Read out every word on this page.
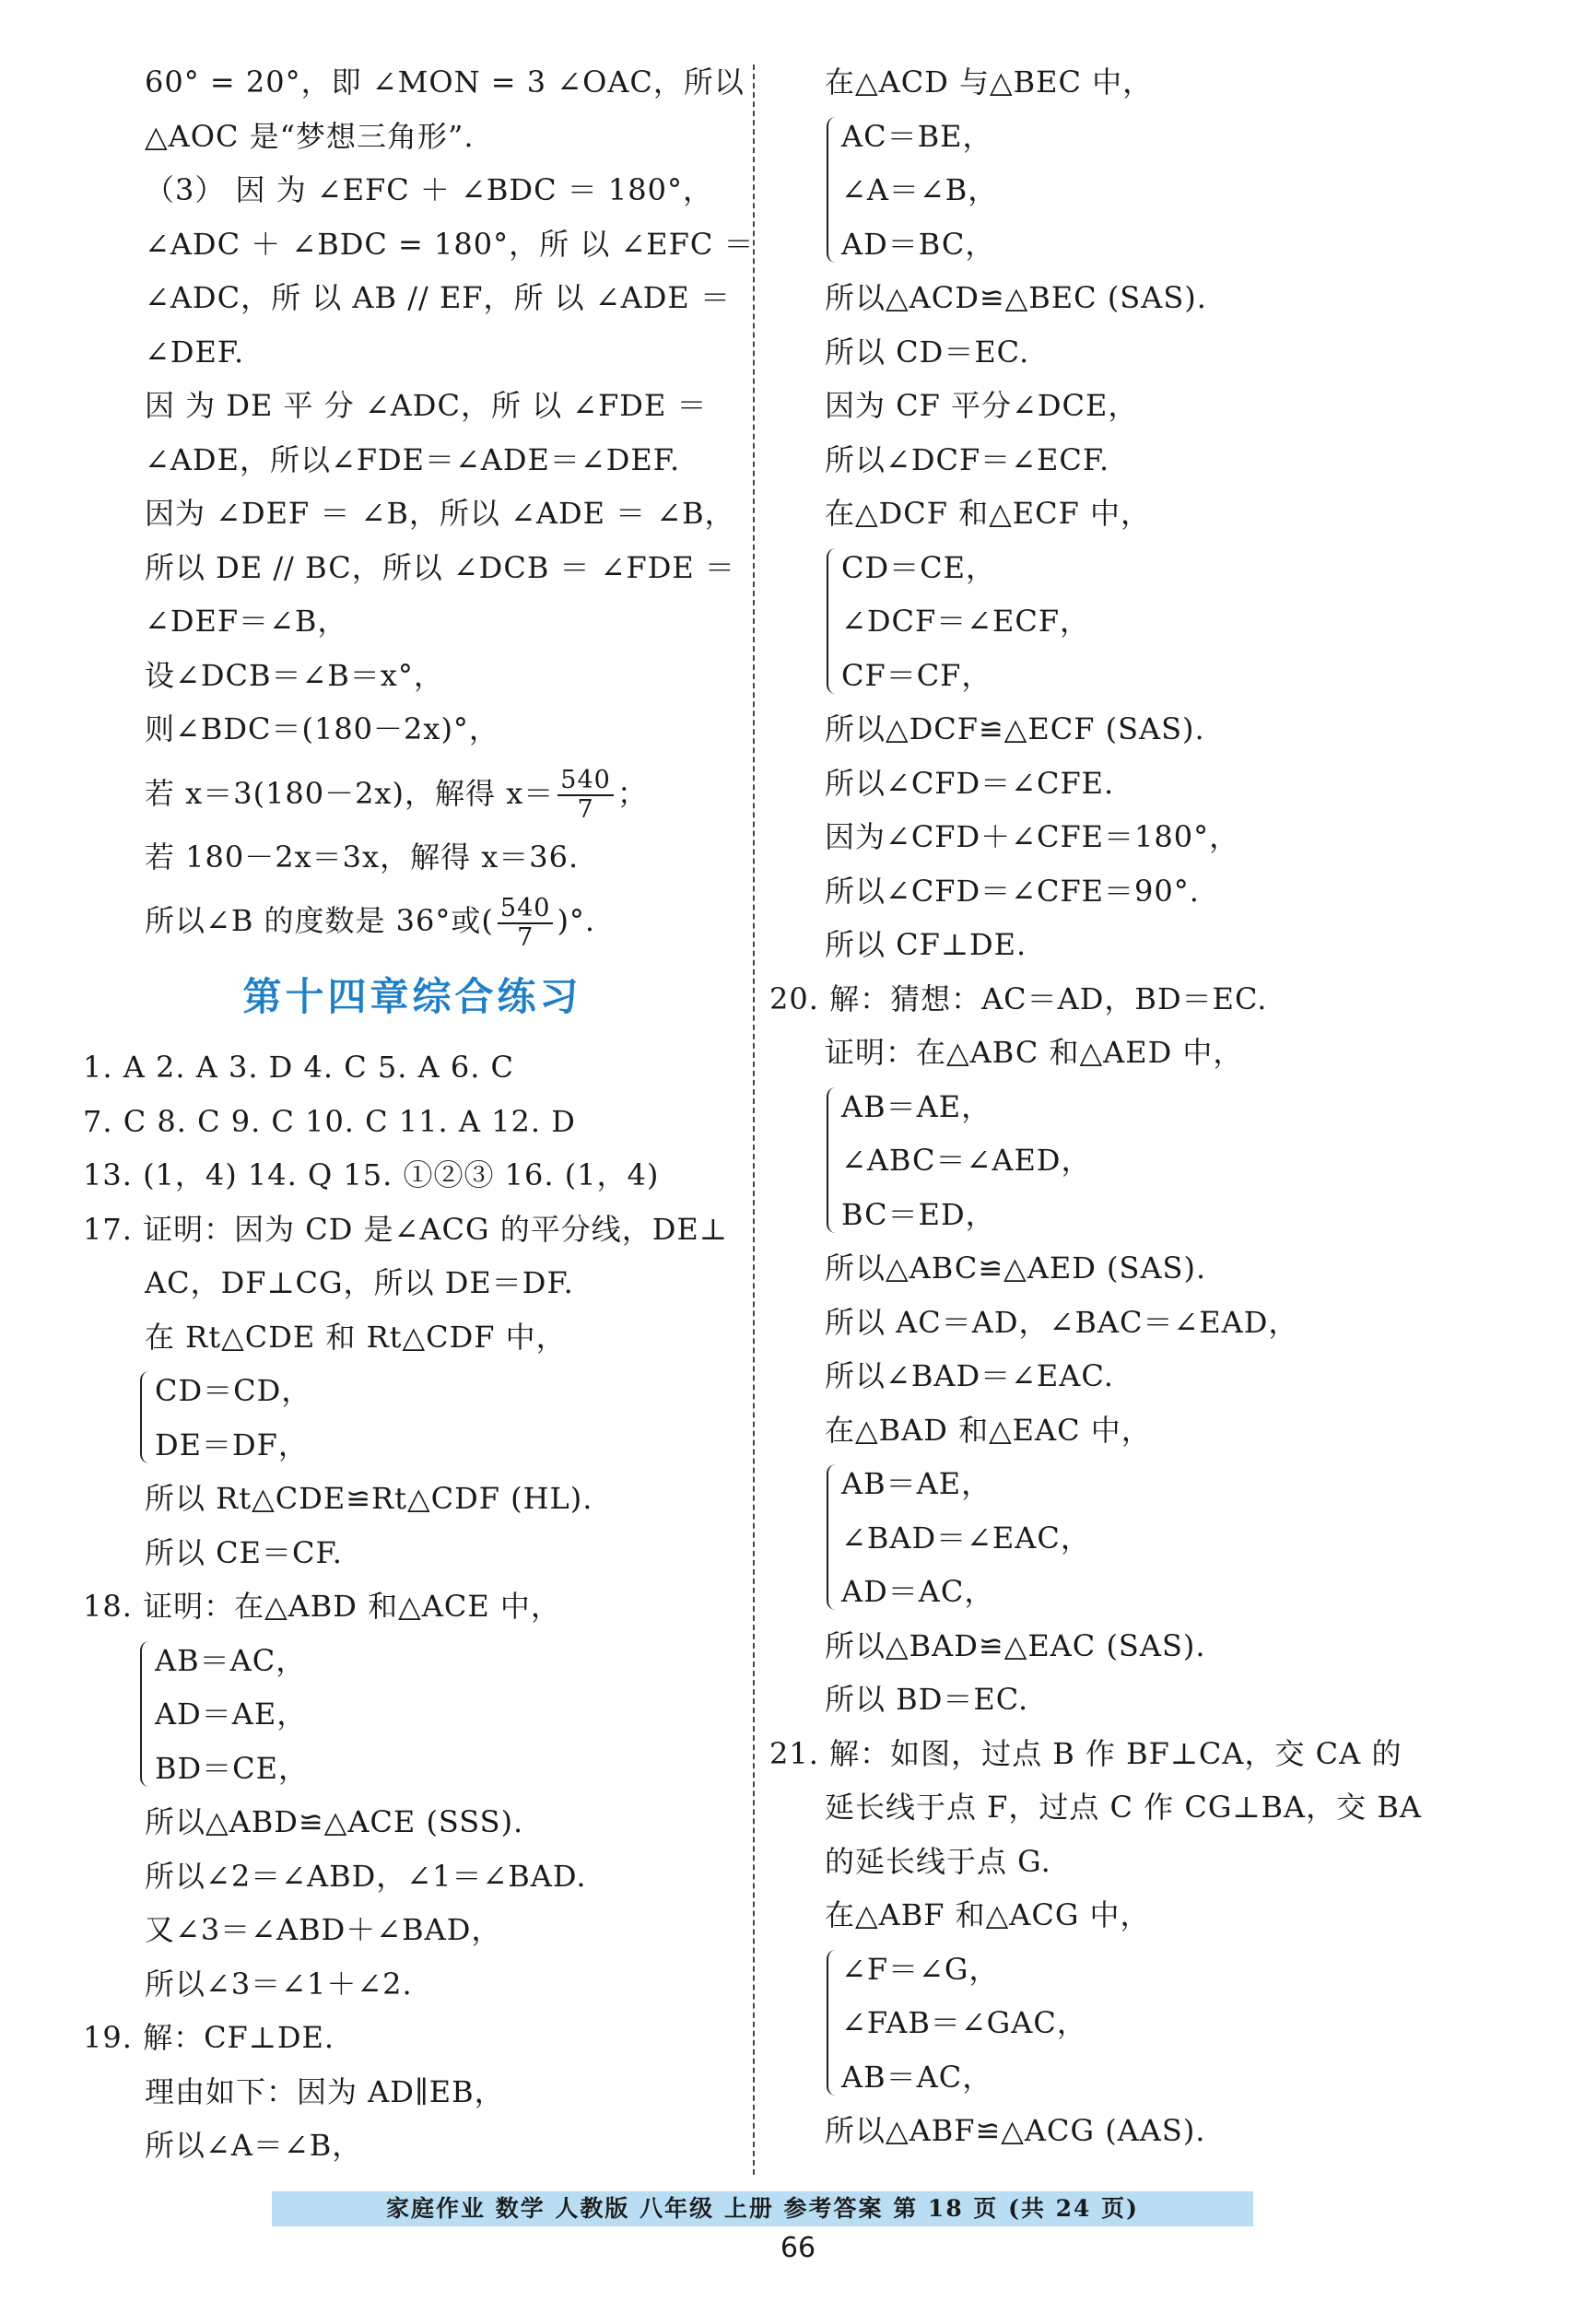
60° = 20°，即 ∠MON = 3 ∠OAC，所以
△AOC 是“梦想三角形”.
（3） 因 为 ∠EFC ＋ ∠BDC ＝ 180°，
∠ADC ＋ ∠BDC = 180°，所 以 ∠EFC ＝
∠ADC，所 以 AB // EF，所 以 ∠ADE ＝
∠DEF.
因 为 DE 平 分 ∠ADC，所 以 ∠FDE ＝
∠ADE，所以∠FDE＝∠ADE＝∠DEF.
因为 ∠DEF ＝ ∠B，所以 ∠ADE ＝ ∠B，
所以 DE // BC，所以 ∠DCB ＝ ∠FDE ＝
∠DEF＝∠B，
设∠DCB＝∠B＝x°，
则∠BDC＝(180－2x)°，
若 x＝3(180－2x)，解得 $x= \frac{540}{7}$ ；
若 180－2x＝3x，解得 x＝36.
所以∠B 的度数是 36°或( $\frac{540}{7}$ )°.
第十四章综合练习
1. A 2. A 3. D 4. C 5. A 6. C
7. C 8. C 9. C 10. C 11. A 12. D
13. (1，4) 14. Q 15. ①②③ 16. (1，4)
17. 证明：因为 CD 是∠ACG 的平分线，DE⊥
AC，DF⊥CG，所以 DE＝DF.
在 Rt△CDE 和 Rt△CDF 中，
CD＝CD，
DE＝DF，
所以 Rt△CDE≌Rt△CDF (HL).
所以 CE＝CF.
18. 证明：在△ABD 和△ACE 中，
AB＝AC，
AD＝AE，
BD＝CE，
所以△ABD≌△ACE (SSS).
所以∠2＝∠ABD，∠1＝∠BAD.
又∠3＝∠ABD＋∠BAD，
所以∠3＝∠1＋∠2.
19. 解：CF⊥DE.
理由如下：因为 AD∥EB，
所以∠A＝∠B，
在△ACD 与△BEC 中，
AC＝BE，
∠A＝∠B，
AD＝BC，
所以△ACD≌△BEC (SAS).
所以 CD＝EC.
因为 CF 平分∠DCE，
所以∠DCF＝∠ECF.
在△DCF 和△ECF 中，
CD＝CE，
∠DCF＝∠ECF，
CF＝CF，
所以△DCF≌△ECF (SAS).
所以∠CFD＝∠CFE.
因为∠CFD＋∠CFE＝180°，
所以∠CFD＝∠CFE＝90°.
所以 CF⊥DE.
20. 解：猜想：AC＝AD，BD＝EC.
证明：在△ABC 和△AED 中，
AB＝AE，
∠ABC＝∠AED，
BC＝ED，
所以△ABC≌△AED (SAS).
所以 AC＝AD，∠BAC＝∠EAD，
所以∠BAD＝∠EAC.
在△BAD 和△EAC 中，
AB＝AE，
∠BAD＝∠EAC，
AD＝AC，
所以△BAD≌△EAC (SAS).
所以 BD＝EC.
21. 解：如图，过点 B 作 BF⊥CA，交 CA 的
延长线于点 F，过点 C 作 CG⊥BA，交 BA
的延长线于点 G.
在△ABF 和△ACG 中，
∠F＝∠G，
∠FAB＝∠GAC，
AB＝AC，
所以△ABF≌△ACG (AAS).
家庭作业 数学 人教版 八年级 上册 参考答案 第 18 页 (共 24 页)
66
